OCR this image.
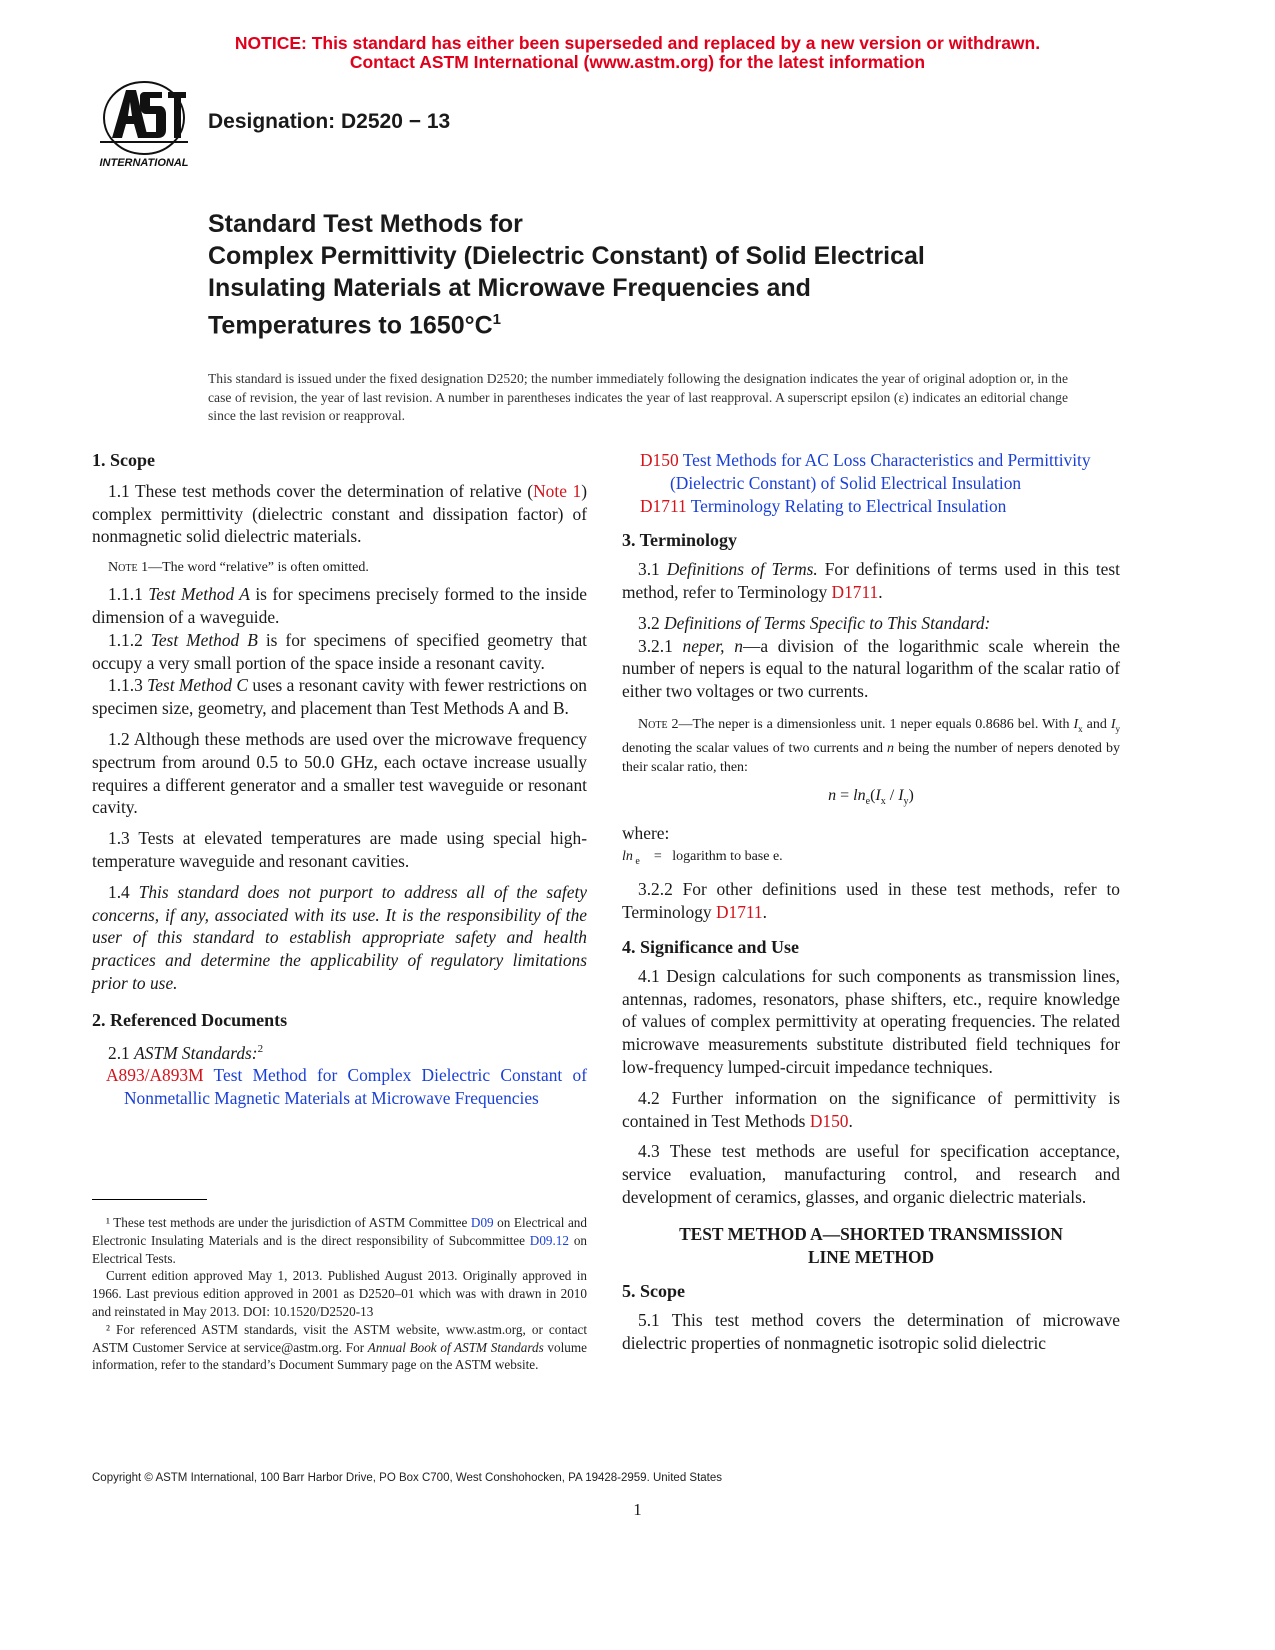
NOTICE: This standard has either been superseded and replaced by a new version or withdrawn.
Contact ASTM International (www.astm.org) for the latest information
INTERNATIONAL
Designation: D2520 − 13
Standard Test Methods for
Complex Permittivity (Dielectric Constant) of Solid Electrical
Insulating Materials at Microwave Frequencies and
Temperatures to $1650^\circ C^1$
This standard is issued under the fixed designation D2520; the number immediately following the designation indicates the year of original adoption or, in the case of revision, the year of last revision. A number in parentheses indicates the year of last reapproval. A superscript epsilon (ε) indicates an editorial change since the last revision or reapproval.

1. Scope

1.1 These test methods cover the determination of relative (Note 1) complex permittivity (dielectric constant and dissipation factor) of nonmagnetic solid dielectric materials.

Note 1—The word “relative” is often omitted.

1.1.1 Test Method A is for specimens precisely formed to the inside dimension of a waveguide.

1.1.2 Test Method B is for specimens of specified geometry that occupy a very small portion of the space inside a resonant cavity.

1.1.3 Test Method C uses a resonant cavity with fewer restrictions on specimen size, geometry, and placement than Test Methods A and B.

1.2 Although these methods are used over the microwave frequency spectrum from around 0.5 to 50.0 GHz, each octave increase usually requires a different generator and a smaller test waveguide or resonant cavity.

1.3 Tests at elevated temperatures are made using special high-temperature waveguide and resonant cavities.

1.4 This standard does not purport to address all of the safety concerns, if any, associated with its use. It is the responsibility of the user of this standard to establish appropriate safety and health practices and determine the applicability of regulatory limitations prior to use.

2. Referenced Documents

2.1 ASTM Standards:$^2$

A893/A893M Test Method for Complex Dielectric Constant of Nonmetallic Magnetic Materials at Microwave Frequencies

¹ These test methods are under the jurisdiction of ASTM Committee D09 on Electrical and Electronic Insulating Materials and is the direct responsibility of Subcommittee D09.12 on Electrical Tests.

Current edition approved May 1, 2013. Published August 2013. Originally approved in 1966. Last previous edition approved in 2001 as D2520–01 which was with drawn in 2010 and reinstated in May 2013. DOI: 10.1520/D2520-13

² For referenced ASTM standards, visit the ASTM website, www.astm.org, or contact ASTM Customer Service at service@astm.org. For Annual Book of ASTM Standards volume information, refer to the standard’s Document Summary page on the ASTM website.

D150 Test Methods for AC Loss Characteristics and Permittivity (Dielectric Constant) of Solid Electrical Insulation

D1711 Terminology Relating to Electrical Insulation

3. Terminology

3.1 Definitions of Terms. For definitions of terms used in this test method, refer to Terminology D1711.

3.2 Definitions of Terms Specific to This Standard:

3.2.1 neper, n—a division of the logarithmic scale wherein the number of nepers is equal to the natural logarithm of the scalar ratio of either two voltages or two currents.

Note 2—The neper is a dimensionless unit. 1 neper equals 0.8686 bel. With $I_x$ and $I_y$ denoting the scalar values of two currents and n being the number of nepers denoted by their scalar ratio, then:

$n = \ln_e(I_x / I_y)$

where:

ln $_e$    =   logarithm to base e.

3.2.2 For other definitions used in these test methods, refer to Terminology D1711.

4. Significance and Use

4.1 Design calculations for such components as transmission lines, antennas, radomes, resonators, phase shifters, etc., require knowledge of values of complex permittivity at operating frequencies. The related microwave measurements substitute distributed field techniques for low-frequency lumped-circuit impedance techniques.

4.2 Further information on the significance of permittivity is contained in Test Methods D150.

4.3 These test methods are useful for specification acceptance, service evaluation, manufacturing control, and research and development of ceramics, glasses, and organic dielectric materials.

TEST METHOD A—SHORTED TRANSMISSION
LINE METHOD

5. Scope

5.1 This test method covers the determination of microwave dielectric properties of nonmagnetic isotropic solid dielectric

Copyright © ASTM International, 100 Barr Harbor Drive, PO Box C700, West Conshohocken, PA 19428-2959. United States
1
